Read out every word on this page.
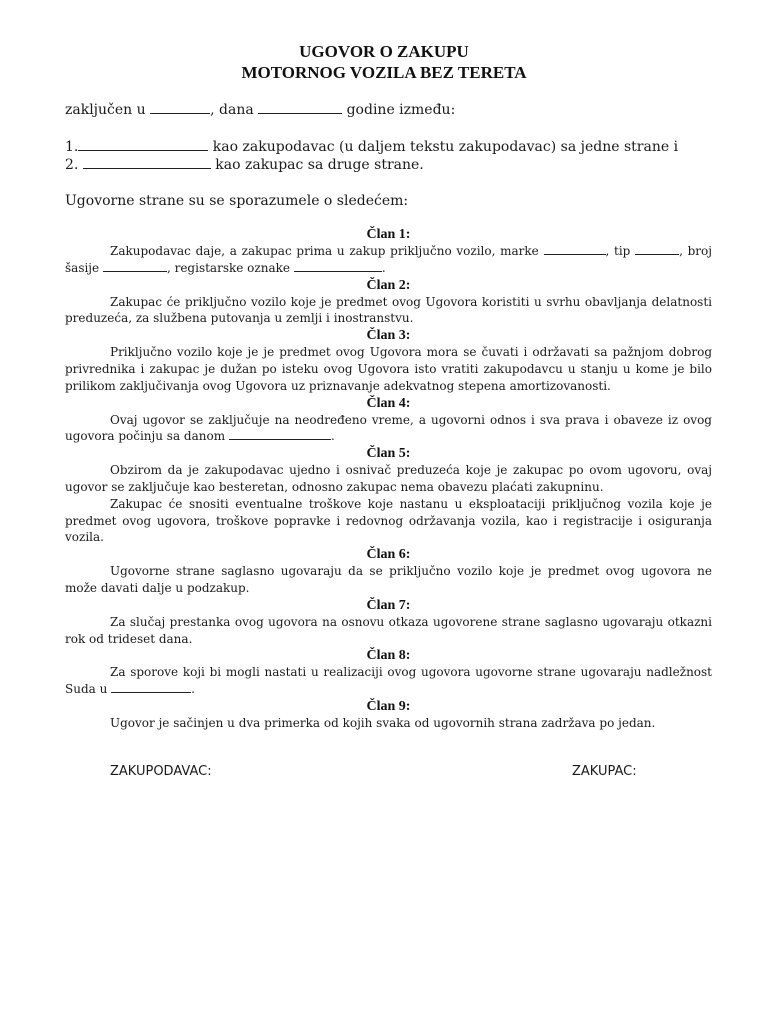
UGOVOR O ZAKUPU
MOTORNOG VOZILA BEZ TERETA
zaključen u	, dana	godine između:
1.	kao zakupodavac (u daljem tekstu zakupodavac) sa jedne strane i
2.	kao zakupac sa druge strane.
Ugovorne strane su se sporazumele o sledećem:

Član 1:

Zakupodavac daje, a zakupac prima u zakup priključno vozilo, marke	, tip	, broj šasije	, registarske oznake	.

Član 2:

Zakupac će priključno vozilo koje je predmet ovog Ugovora koristiti u svrhu obavljanja delatnosti preduzeća, za službena putovanja u zemlji i inostranstvu.

Član 3:

Priključno vozilo koje je je predmet ovog Ugovora mora se čuvati i održavati sa pažnjom dobrog privrednika i zakupac je dužan po isteku ovog Ugovora isto vratiti zakupodavcu u stanju u kome je bilo prilikom zaključivanja ovog Ugovora uz priznavanje adekvatnog stepena amortizovanosti.

Član 4:

Ovaj ugovor se zaključuje na neodređeno vreme, a ugovorni odnos i sva prava i obaveze iz ovog ugovora počinju sa danom	.

Član 5:

Obzirom da je zakupodavac ujedno i osnivač preduzeća koje je zakupac po ovom ugovoru, ovaj ugovor se zaključuje kao besteretan, odnosno zakupac nema obavezu plaćati zakupninu.

Zakupac će snositi eventualne troškove koje nastanu u eksploataciji priključnog vozila koje je predmet ovog ugovora, troškove popravke i redovnog održavanja vozila, kao i registracije i osiguranja vozila.

Član 6:

Ugovorne strane saglasno ugovaraju da se priključno vozilo koje je predmet ovog ugovora ne može davati dalje u podzakup.

Član 7:

Za slučaj prestanka ovog ugovora na osnovu otkaza ugovorene strane saglasno ugovaraju otkazni rok od trideset dana.

Član 8:

Za sporove koji bi mogli nastati u realizaciji ovog ugovora ugovorne strane ugovaraju nadležnost Suda u	.

Član 9:

Ugovor je sačinjen u dva primerka od kojih svaka od ugovornih strana zadržava po jedan.

ZAKUPODAVAC:	ZAKUPAC:
